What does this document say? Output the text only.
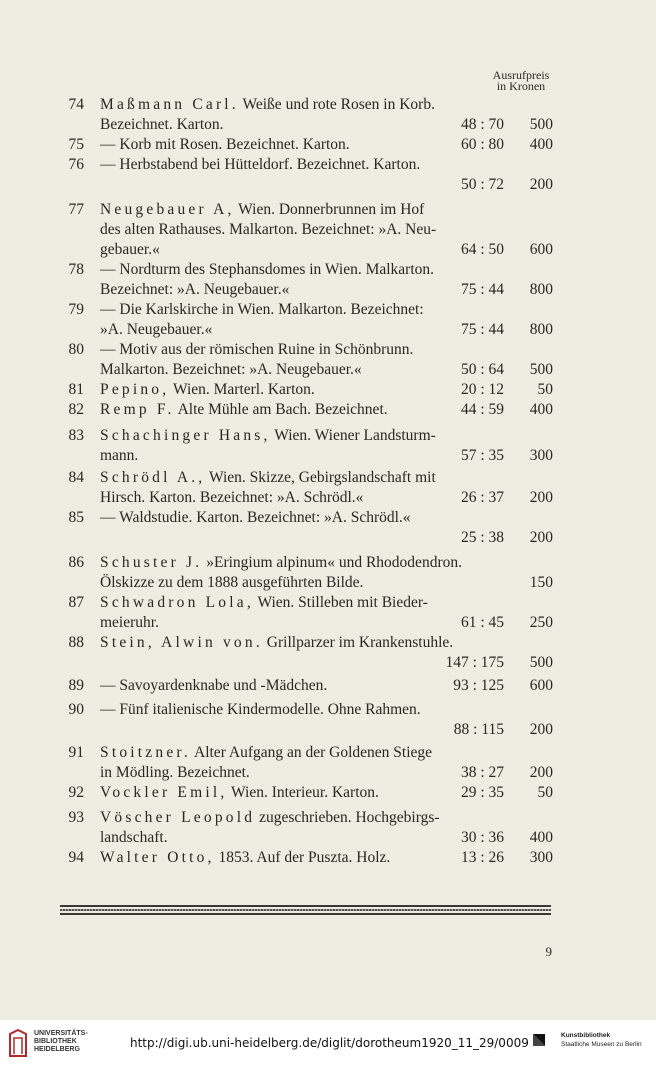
Ausrufpreis
in Kronen
74 Maßmann Carl. Weiße und rote Rosen in Korb.
Bezeichnet. Karton.	48 : 70 500
75 — Korb mit Rosen. Bezeichnet. Karton.	60 : 80 400
76 — Herbstabend bei Hütteldorf. Bezeichnet. Karton.
50 : 72 200
77 Neugebauer A, Wien. Donnerbrunnen im Hof
des alten Rathauses. Malkarton. Bezeichnet: »A. Neu-
gebauer.«	64 : 50 600
78 — Nordturm des Stephansdomes in Wien. Malkarton.
Bezeichnet: »A. Neugebauer.«	75 : 44 800
79 — Die Karlskirche in Wien. Malkarton. Bezeichnet:
»A. Neugebauer.«	75 : 44 800
80 — Motiv aus der römischen Ruine in Schönbrunn.
Malkarton. Bezeichnet: »A. Neugebauer.«	50 : 64 500
81 Pepino, Wien. Marterl. Karton.	20 : 12 50
82 Remp F. Alte Mühle am Bach. Bezeichnet.	44 : 59 400
83 Schachinger Hans, Wien. Wiener Landsturm-
mann.	57 : 35 300
84 Schrödl A., Wien. Skizze, Gebirgslandschaft mit
Hirsch. Karton. Bezeichnet: »A. Schrödl.«	26 : 37 200
85 — Waldstudie. Karton. Bezeichnet: »A. Schrödl.«
25 : 38 200
86 Schuster J. »Eringium alpinum« und Rhododendron.
Ölskizze zu dem 1888 ausgeführten Bilde.	150
87 Schwadron Lola, Wien. Stilleben mit Bieder-
meieruhr.	61 : 45 250
88 Stein, Alwin von. Grillparzer im Krankenstuhle.
147 : 175 500
89 — Savoyardenknabe und -Mädchen.	93 : 125 600
90 — Fünf italienische Kindermodelle. Ohne Rahmen.
88 : 115 200
91 Stoitzner. Alter Aufgang an der Goldenen Stiege
in Mödling. Bezeichnet.	38 : 27 200
92 Vockler Emil, Wien. Interieur. Karton.	29 : 35 50
93 Vöscher Leopold zugeschrieben. Hochgebirgs-
landschaft.	30 : 36 400
94 Walter Otto, 1853. Auf der Puszta. Holz.	13 : 26 300
9
UNIVERSITÄTS-
BIBLIOTHEK
HEIDELBERG	http://digi.ub.uni-heidelberg.de/diglit/dorotheum1920_11_29/0009
Kunstbibliothek
Staatliche Museen zu Berlin
